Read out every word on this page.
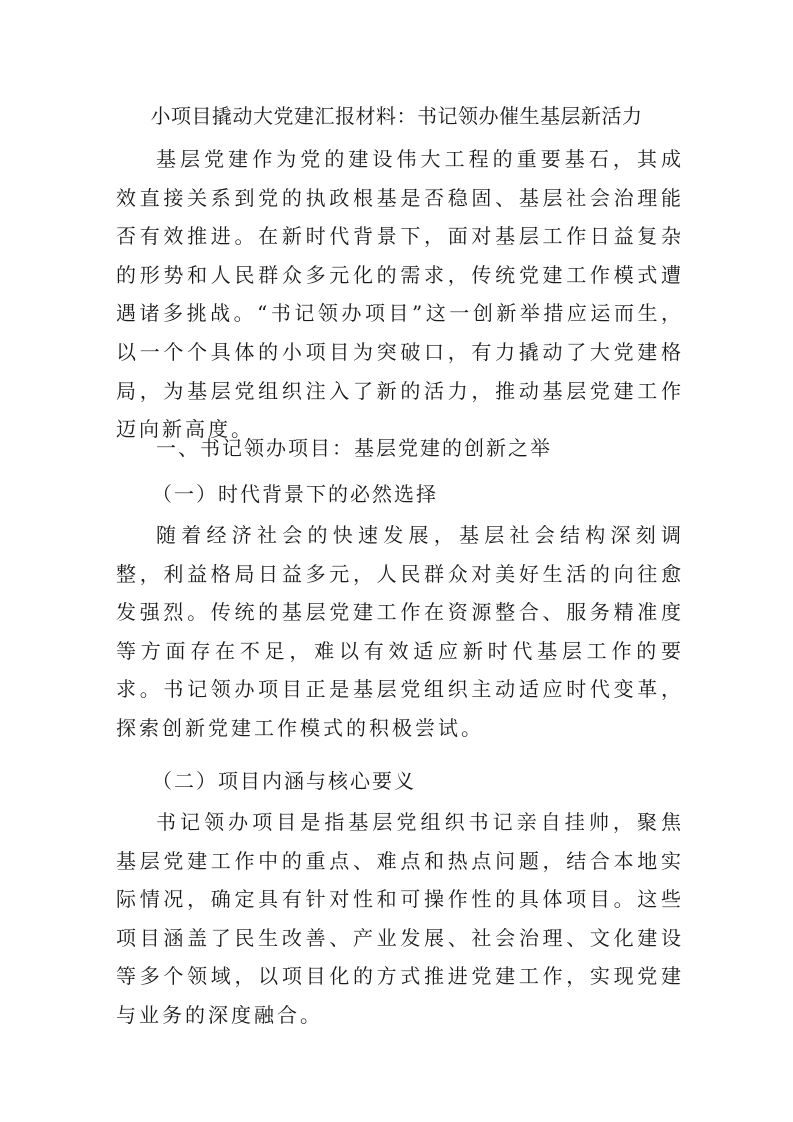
小项目撬动大党建汇报材料：书记领办催生基层新活力

基层党建作为党的建设伟大工程的重要基石，其成效直接关系到党的执政根基是否稳固、基层社会治理能否有效推进。在新时代背景下，面对基层工作日益复杂的形势和人民群众多元化的需求，传统党建工作模式遭遇诸多挑战。“书记领办项目”这一创新举措应运而生，以一个个具体的小项目为突破口，有力撬动了大党建格局，为基层党组织注入了新的活力，推动基层党建工作迈向新高度。

一、书记领办项目：基层党建的创新之举

（一）时代背景下的必然选择

随着经济社会的快速发展，基层社会结构深刻调整，利益格局日益多元，人民群众对美好生活的向往愈发强烈。传统的基层党建工作在资源整合、服务精准度等方面存在不足，难以有效适应新时代基层工作的要求。书记领办项目正是基层党组织主动适应时代变革，探索创新党建工作模式的积极尝试。

（二）项目内涵与核心要义

书记领办项目是指基层党组织书记亲自挂帅，聚焦基层党建工作中的重点、难点和热点问题，结合本地实际情况，确定具有针对性和可操作性的具体项目。这些项目涵盖了民生改善、产业发展、社会治理、文化建设等多个领域，以项目化的方式推进党建工作，实现党建与业务的深度融合。
